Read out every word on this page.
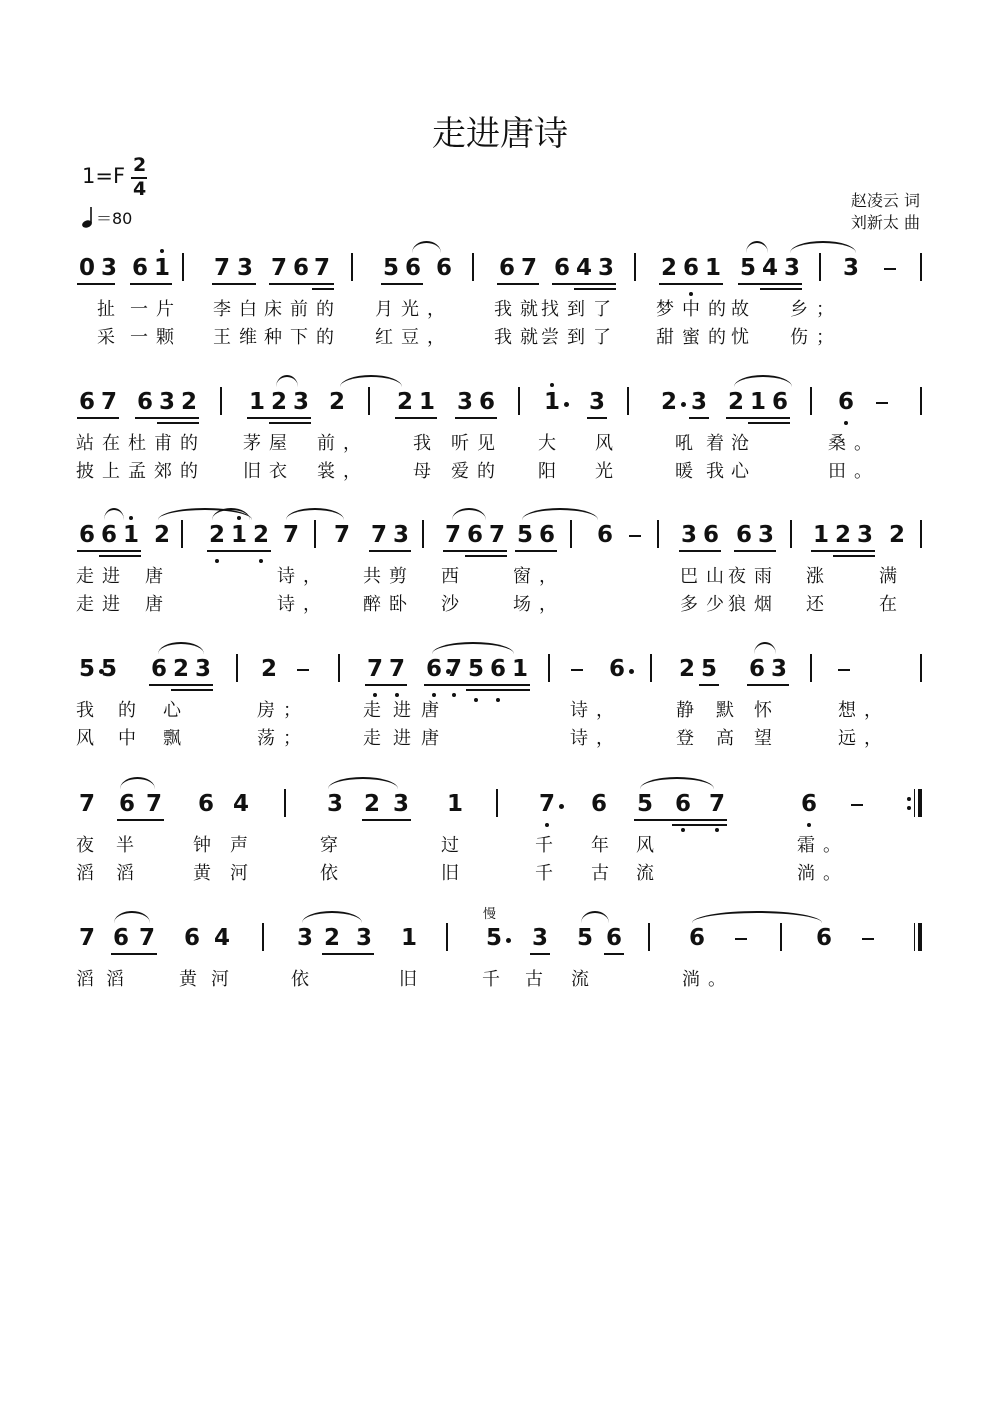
走进唐诗
1=F 2
4
＝80
赵凌云 词
刘新太 曲
0 3 6 1 7 3 7 6 7 5 6 6 6 7 6 4 3 2 6 1 5 4 3 3
扯 一片 李白 床前的 月光， 我就
找到了 梦中的
故 乡；
采 一颗 王维 种下的 红豆， 我就
尝到了 甜蜜的
忧 伤；
6 7 6 3 2 1 2 3 2 2 1 3 6 1 3 2 3 2 1 6 6
站在 杜甫的 茅屋 前， 我 听见 大 风	吼 着 沧	桑。
披上 孟郊的 旧衣 裳， 母 爱的 阳 光	暖 我 心	田。
6 6 1 2 2 1 2 7 7 7 3 7 6 7 5 6 6	3 6 6 3 1 2 3 2
走进 唐	诗， 共剪 西	窗，	巴山
夜雨 涨	满
走进 唐	诗， 醉卧 沙	场，	多少
狼烟 还	在
5 5 6 2 3 2	7 7 6 7 5 6 1	6 2 5 6 3
我 的 心	房；	走 进 唐	诗，	静 默 怀	想，
风 中 飘	荡；	走 进 唐	诗，	登 高 望	远，
7 6 7 6 4	3 2 3 1	7 6 5 6 7	6
夜 半	钟 声	穿	过	千 年 风	霜。
滔 滔	黄 河	依	旧	千 古 流	淌。
7 6 7 6 4	3 2 3 1	5 3 5 6	6	6
慢
滔 滔	黄 河	依	旧	千 古 流	淌。
